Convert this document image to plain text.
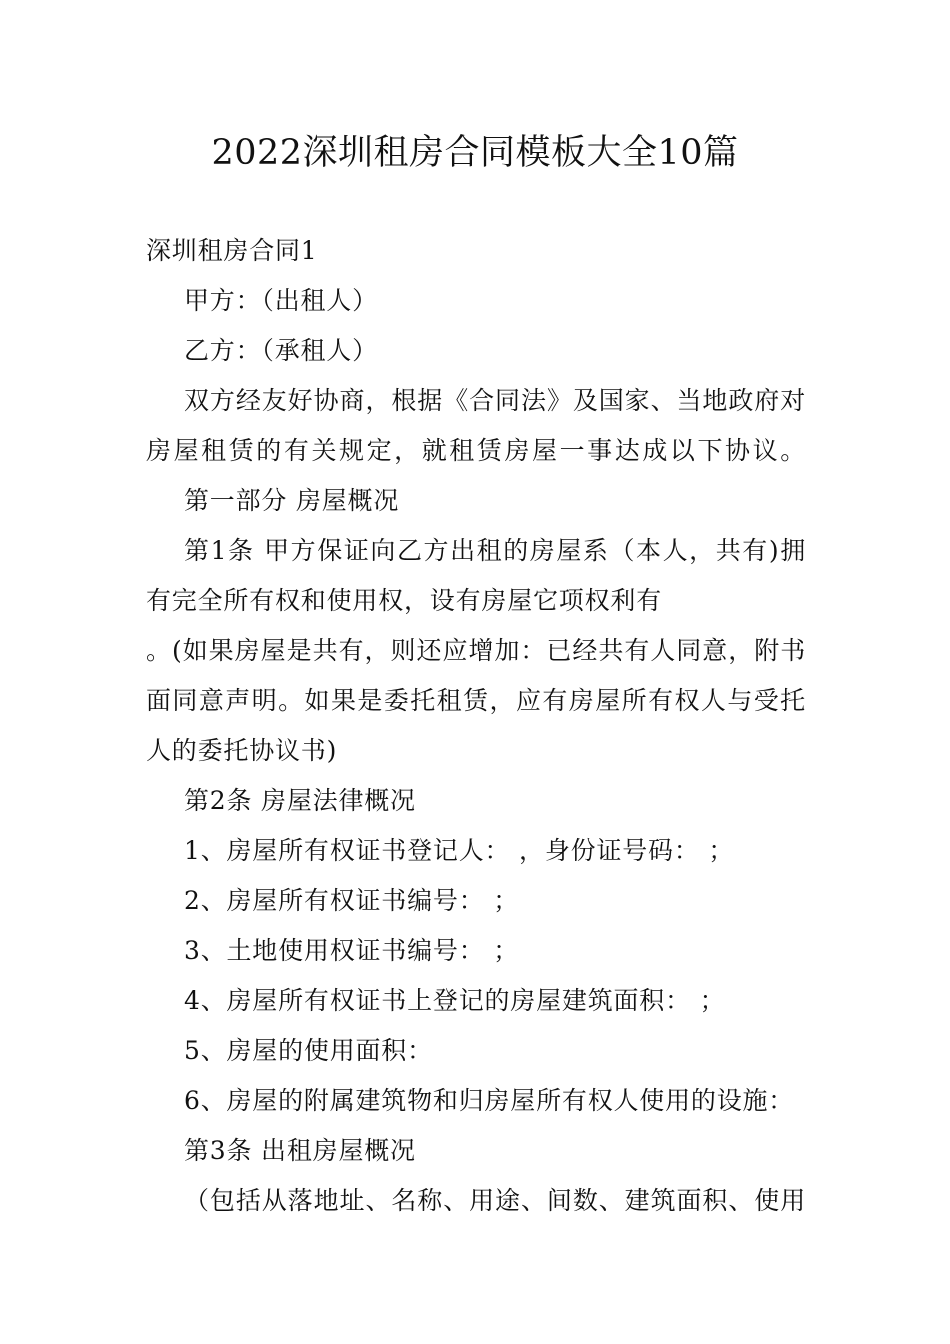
2022深圳租房合同模板大全10篇
深圳租房合同1
甲方：（出租人）
乙方：（承租人）
双方经友好协商，根据《合同法》及国家、当地政府对
房屋租赁的有关规定，就租赁房屋一事达成以下协议。
第一部分 房屋概况
第1条 甲方保证向乙方出租的房屋系（本人，共有)拥
有完全所有权和使用权，设有房屋它项权利有
。(如果房屋是共有，则还应增加：已经共有人同意，附书
面同意声明。如果是委托租赁，应有房屋所有权人与受托
人的委托协议书)
第2条 房屋法律概况
1、房屋所有权证书登记人： ，身份证号码： ；
2、房屋所有权证书编号： ；
3、土地使用权证书编号： ；
4、房屋所有权证书上登记的房屋建筑面积： ；
5、房屋的使用面积：
6、房屋的附属建筑物和归房屋所有权人使用的设施：
第3条 出租房屋概况
（包括从落地址、名称、用途、间数、建筑面积、使用
